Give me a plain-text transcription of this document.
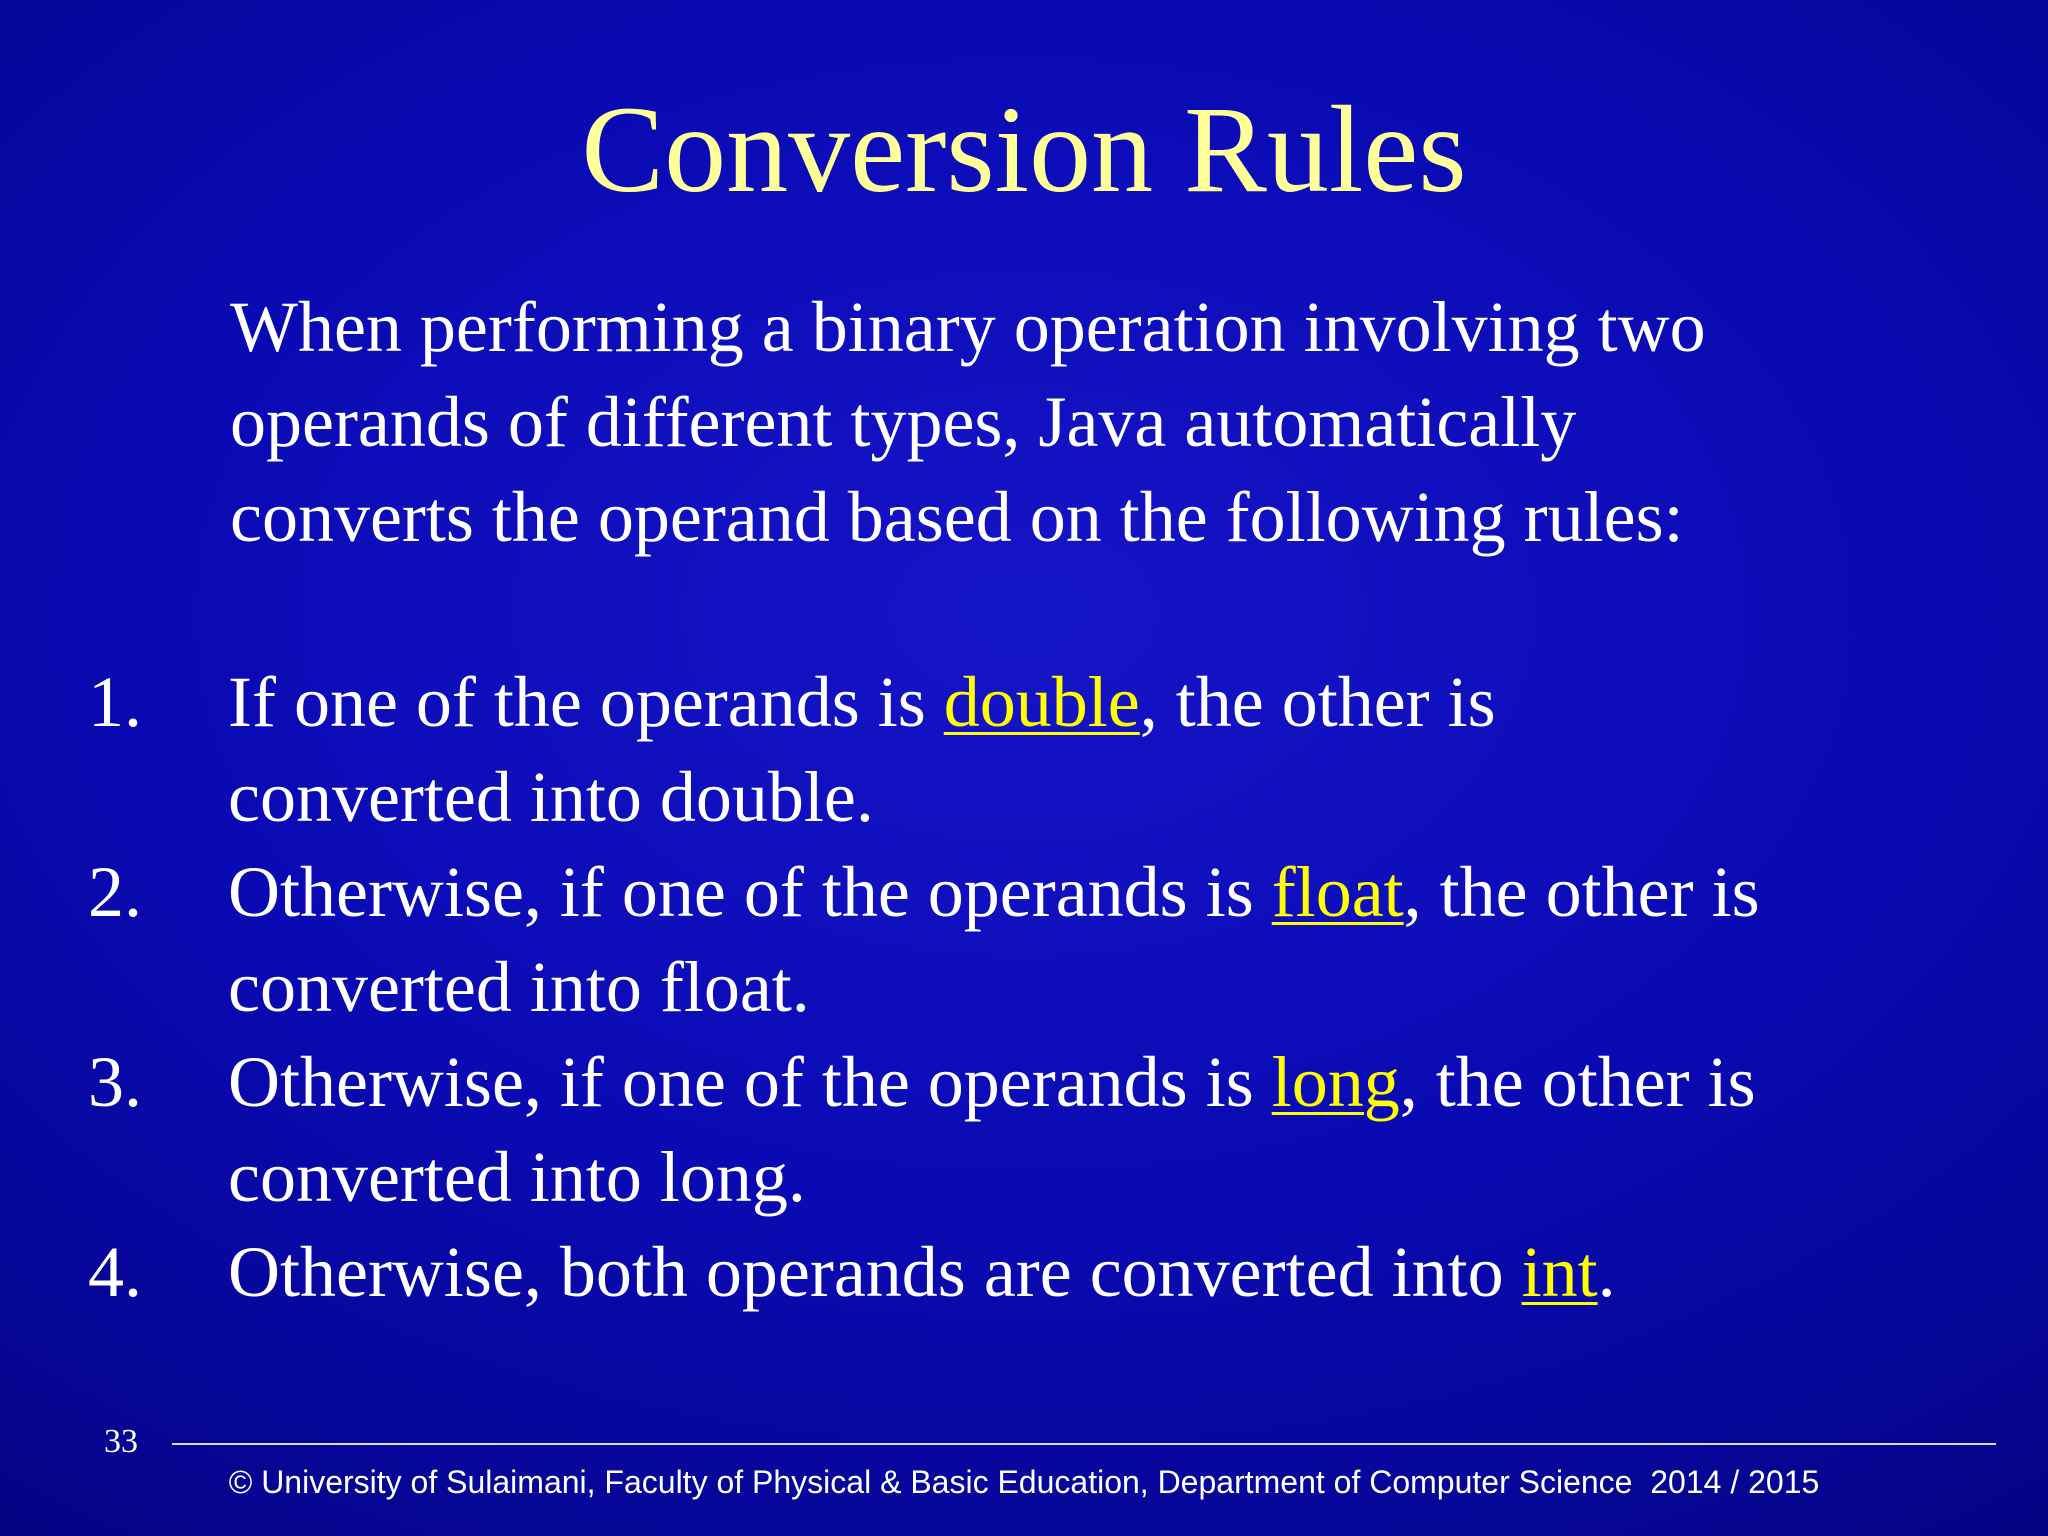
Conversion Rules
When performing a binary operation involving two
operands of different types, Java automatically
converts the operand based on the following rules:
1. If one of the operands is double, the other is
converted into double.
2. Otherwise, if one of the operands is float, the other is
converted into float.
3. Otherwise, if one of the operands is long, the other is
converted into long.
4. Otherwise, both operands are converted into int.
33
© University of Sulaimani, Faculty of Physical & Basic Education, Department of Computer Science  2014 / 2015
